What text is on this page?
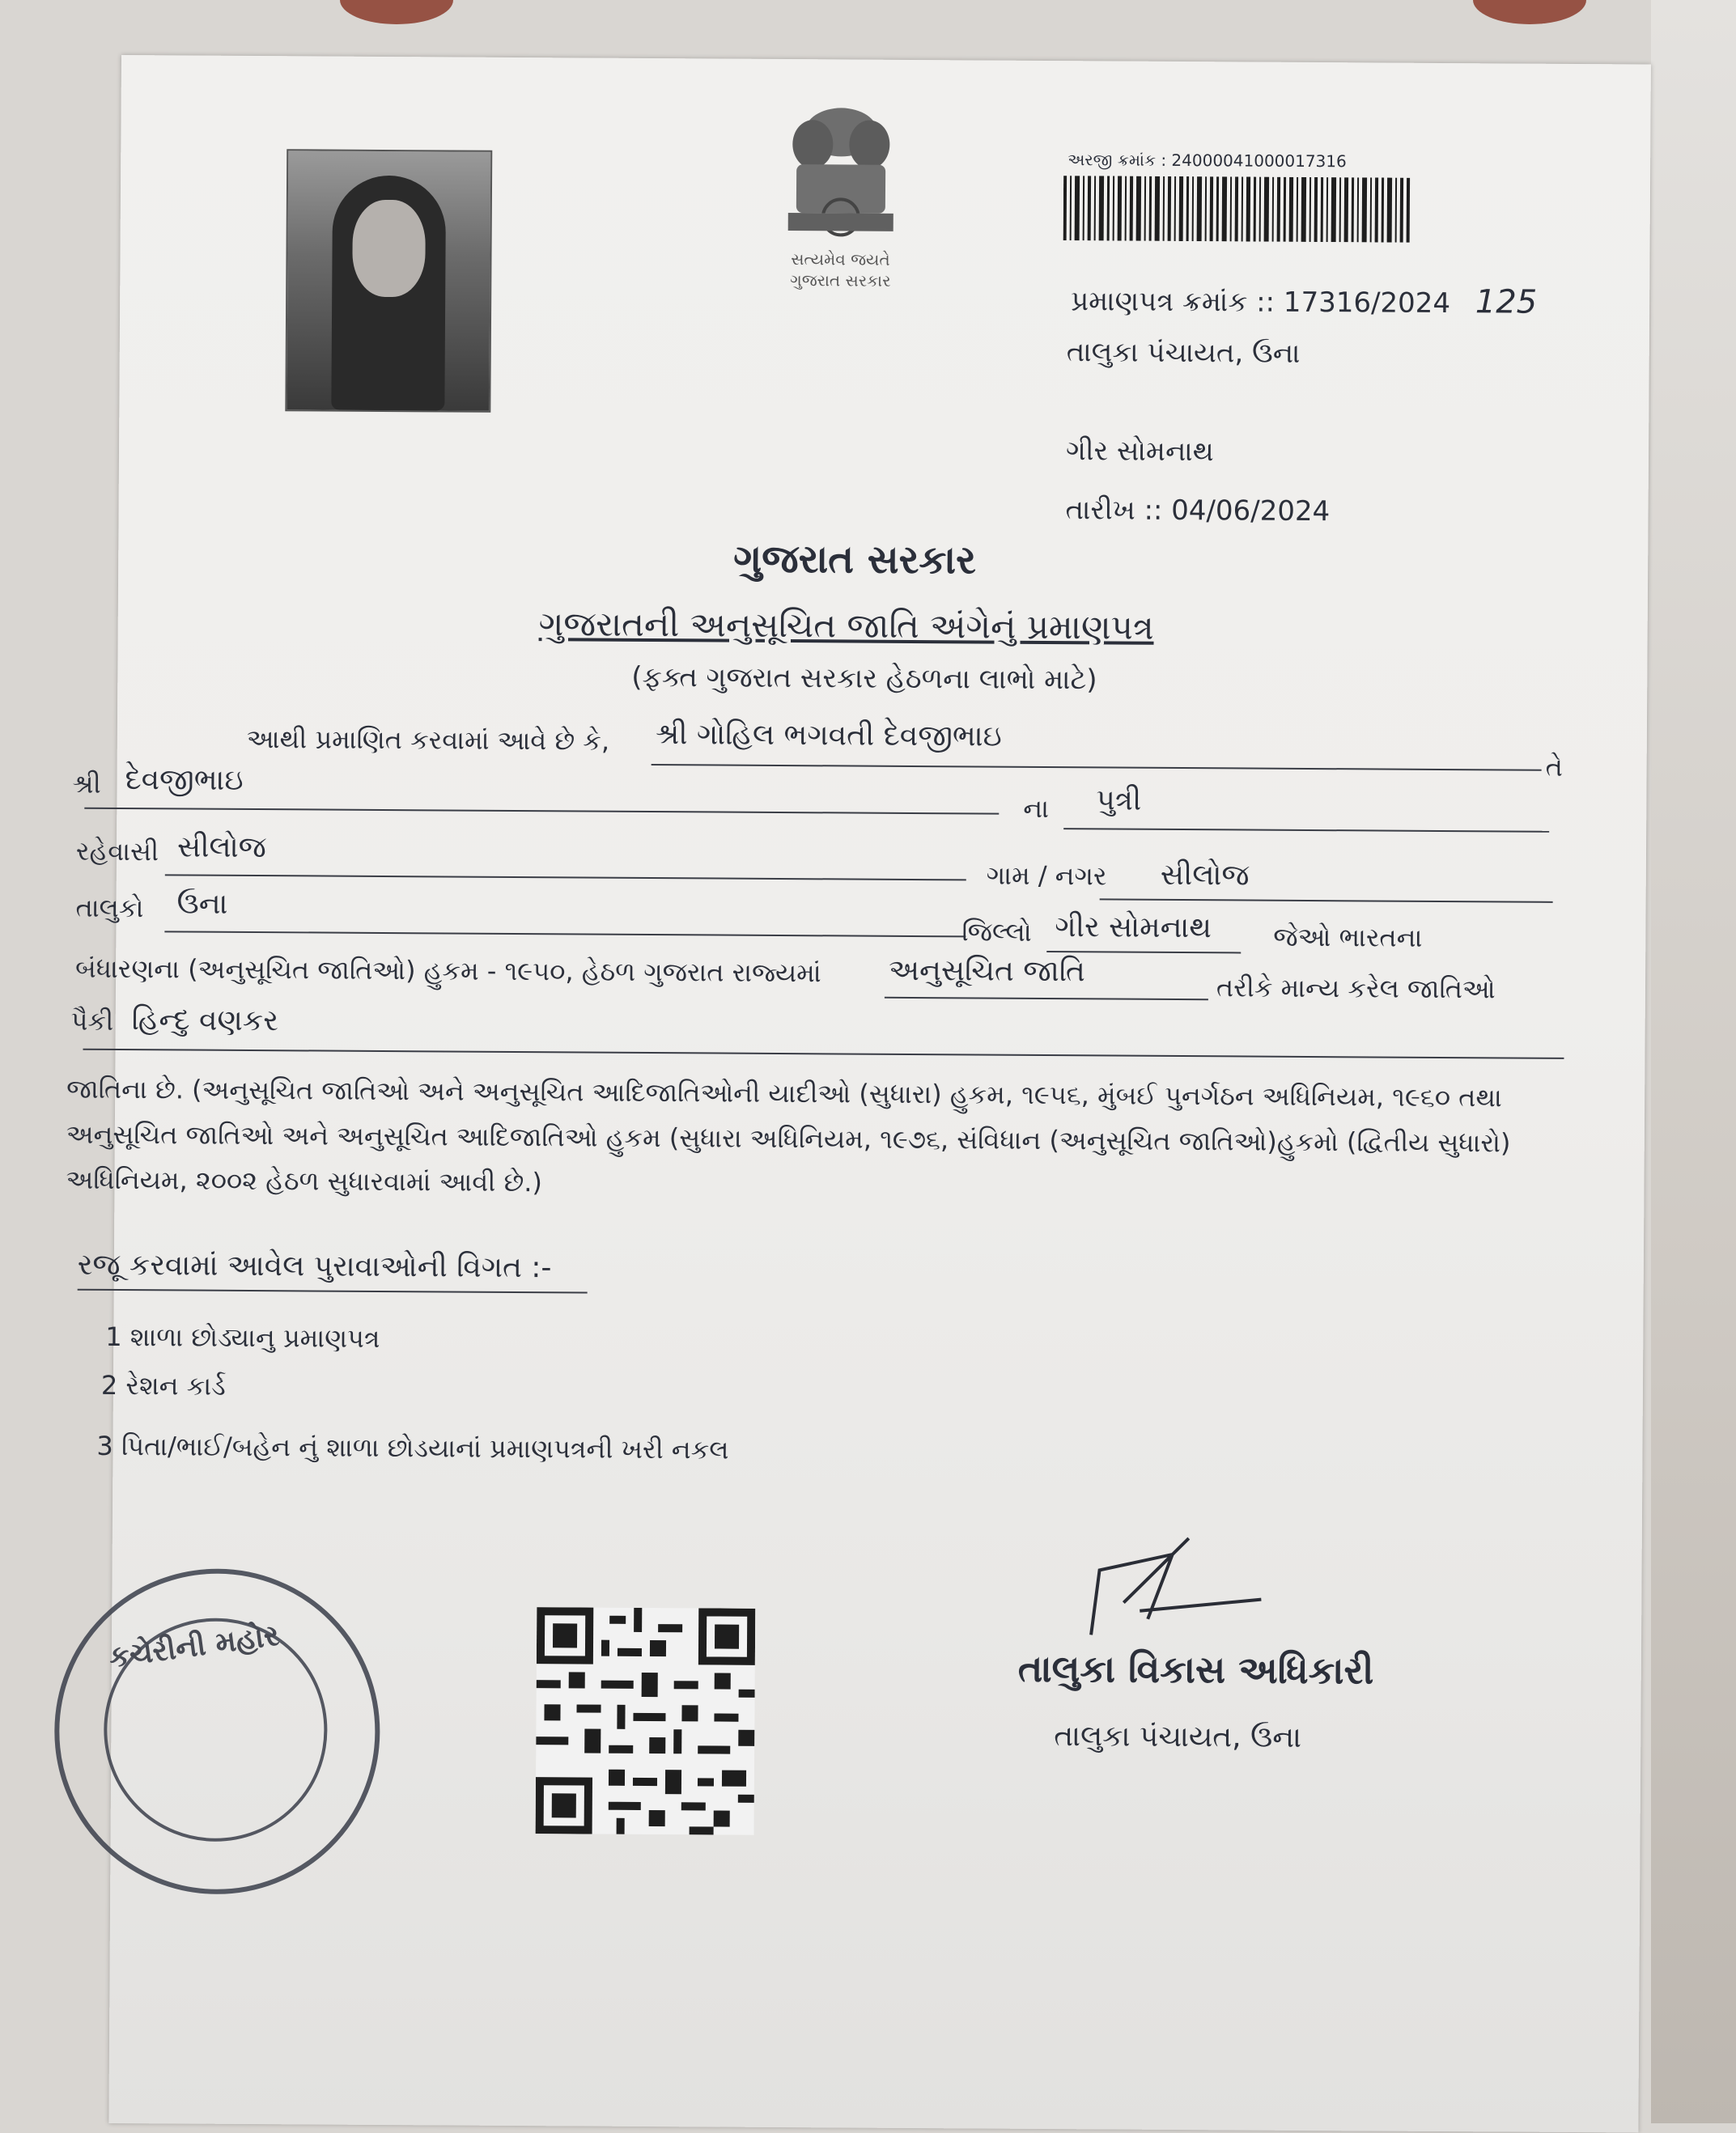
સત્યમેવ જયતે
ગુજરાત સરકાર
અરજી ક્રમાંક : 240000410000173​16
પ્રમાણપત્ર ક્રમાંક :: 17316/2024 125
તાલુકા પંચાયત, ઉના
ગીર સોમનાથ
તારીખ :: 04/06/2024
ગુજરાત સરકાર
ગુજરાતની અનુસૂચિત જાતિ અંગેનું પ્રમાણપત્ર
(ફક્ત ગુજરાત સરકાર હેઠળના લાભો માટે)
આથી પ્રમાણિત કરવામાં આવે છે કે, શ્રી ગોહિલ ભગવતી દેવજીભાઇ
તે
શ્રી દેવજીભાઇ
ના પુત્રી
રહેવાસી સીલોજ
ગામ / નગર સીલોજ
તાલુકો ઉના
જિલ્લો ગીર સોમનાથ જેઓ ભારતના
બંધારણના (અનુસૂચિત જાતિઓ) હુકમ - ૧૯૫૦, હેઠળ ગુજરાત રાજ્યમાં અનુસૂચિત જાતિ
તરીકે માન્ય કરેલ જાતિઓ
પૈકી હિન્દુ વણકર
જાતિના છે. (અનુસૂચિત જાતિઓ અને અનુસૂચિત આદિજાતિઓની યાદીઓ (સુધારા) હુકમ, ૧૯૫૬, મુંબઈ પુનર્ગઠન અધિનિયમ, ૧૯૬૦ તથા
અનુસૂચિત જાતિઓ અને અનુસૂચિત આદિજાતિઓ હુકમ (સુધારા અધિનિયમ, ૧૯૭૬, સંવિધાન (અનુસૂચિત જાતિઓ)હુકમો (દ્વિતીય સુધારો)
અધિનિયમ, ૨૦૦૨ હેઠળ સુધારવામાં આવી છે.)
રજૂ કરવામાં આવેલ પુરાવાઓની વિગત :-
1 શાળા છોડ્યાનુ પ્રમાણપત્ર
2 રેશન કાર્ડ
3 પિતા/ભાઈ/બહેન નું શાળા છોડયાનાં પ્રમાણપત્રની ખરી નકલ
કચેરીની મહોર	તાલુકા વિકાસ અધિકારી
તાલુકા પંચાયત, ઉના
